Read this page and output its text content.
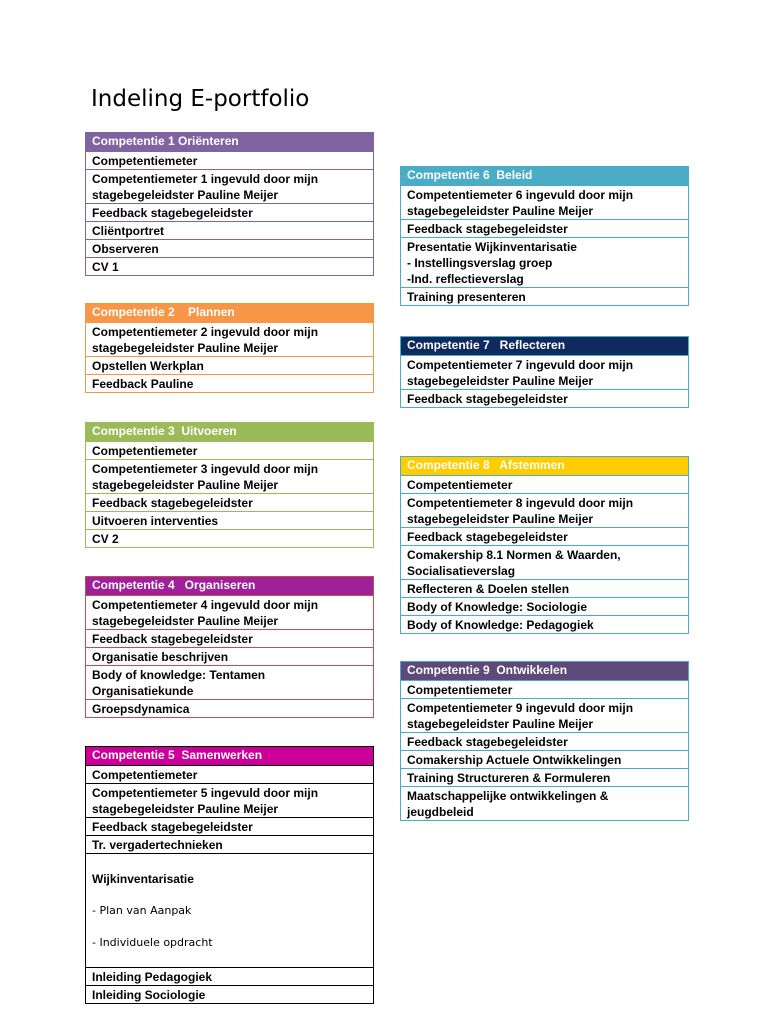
Indeling E-portfolio
Competentie 1 Oriënteren
Competentiemeter
Competentiemeter 1 ingevuld door mijn
stagebegeleidster Pauline Meijer
Feedback stagebegeleidster
Cliëntportret
Observeren
CV 1
Competentie 2    Plannen
Competentiemeter 2 ingevuld door mijn
stagebegeleidster Pauline Meijer
Opstellen Werkplan
Feedback Pauline
Competentie 3  Uitvoeren
Competentiemeter
Competentiemeter 3 ingevuld door mijn
stagebegeleidster Pauline Meijer
Feedback stagebegeleidster
Uitvoeren interventies
CV 2
Competentie 4   Organiseren
Competentiemeter 4 ingevuld door mijn
stagebegeleidster Pauline Meijer
Feedback stagebegeleidster
Organisatie beschrijven
Body of knowledge: Tentamen
Organisatiekunde
Groepsdynamica
Competentie 5  Samenwerken
Competentiemeter
Competentiemeter 5 ingevuld door mijn
stagebegeleidster Pauline Meijer
Feedback stagebegeleidster
Tr. vergadertechnieken

Wijkinventarisatie

- Plan van Aanpak

- Individuele opdracht

Inleiding Pedagogiek
Inleiding Sociologie
Competentie 6  Beleid
Competentiemeter 6 ingevuld door mijn
stagebegeleidster Pauline Meijer
Feedback stagebegeleidster
Presentatie Wijkinventarisatie
- Instellingsverslag groep
-Ind. reflectieverslag
Training presenteren
Competentie 7   Reflecteren
Competentiemeter 7 ingevuld door mijn
stagebegeleidster Pauline Meijer
Feedback stagebegeleidster
Competentie 8   Afstemmen
Competentiemeter
Competentiemeter 8 ingevuld door mijn
stagebegeleidster Pauline Meijer
Feedback stagebegeleidster
Comakership 8.1 Normen & Waarden,
Socialisatieverslag
Reflecteren & Doelen stellen
Body of Knowledge: Sociologie
Body of Knowledge: Pedagogiek
Competentie 9  Ontwikkelen
Competentiemeter
Competentiemeter 9 ingevuld door mijn
stagebegeleidster Pauline Meijer
Feedback stagebegeleidster
Comakership Actuele Ontwikkelingen
Training Structureren & Formuleren
Maatschappelijke ontwikkelingen &
jeugdbeleid
